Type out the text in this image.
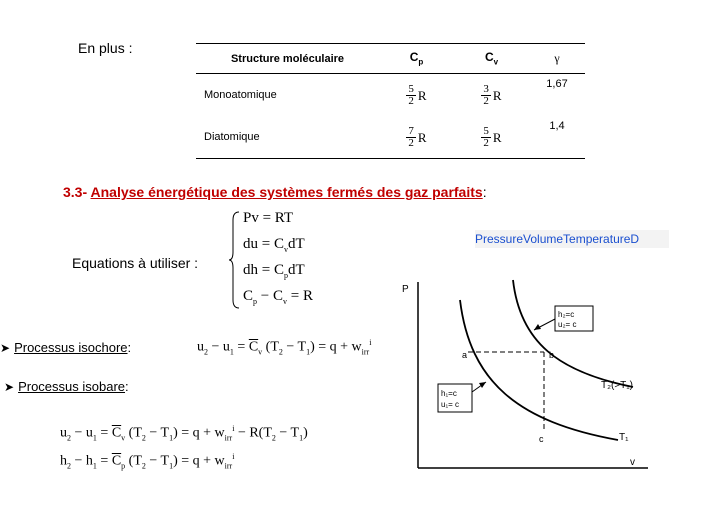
En plus :
Structure moléculaire	$C_p$	$C_v$	γ
Monoatomique	$\frac{5}{2}$ R	$\frac{3}{2}$ R	1,67
Diatomique	$\frac{7}{2}$ R	$\frac{5}{2}$ R	1,4
3.3- Analyse énergétique des systèmes fermés des gaz parfaits:
Equations à utiliser :
Pv = RT
du = $C_vdT$
dh = $C_pdT$
$C_p - C_v = R$
PressureVolumeTemperatureD
➤ Processus isochore:	$u_2 - u_1 = \overline{C}_v$ $(T_2 - T_1) = q + w_{irr}^i$
➤ Processus isobare:
$u_2 - u_1 = \overline{C}_v$ $(T_2 - T_1) = q + w_{irr}^i - R(T_2 - T_1)$
$h_2 - h_1 = \overline{C}_p$ $(T_2 - T_1) = q + w_{irr}^i$
P
v
a	b
c
h₂=c
u₂= c
h₁=c
u₁= c
T₂(>T₁)
T₁
